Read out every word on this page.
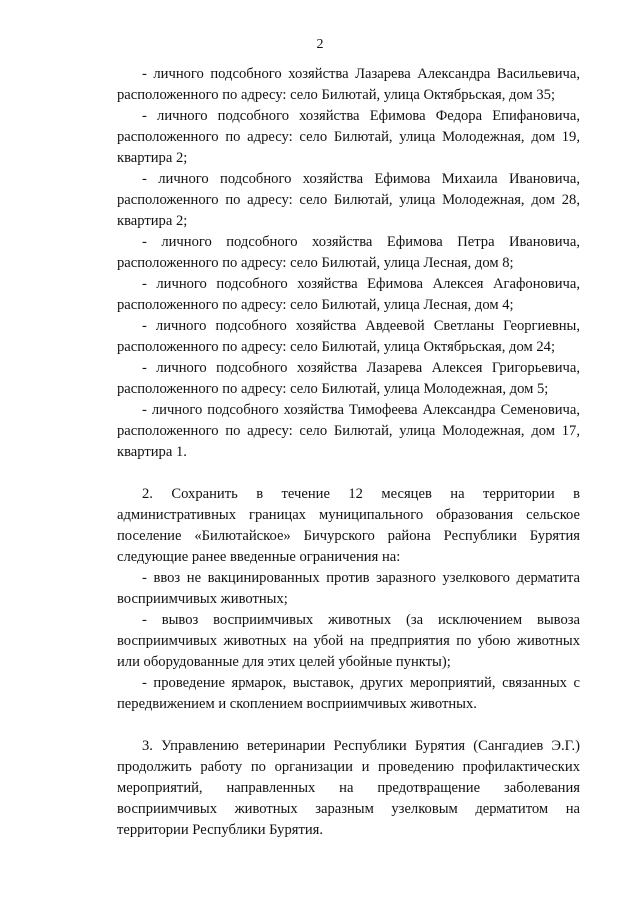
2

- личного подсобного хозяйства Лазарева Александра Васильевича, расположенного по адресу: село Билютай, улица Октябрьская, дом 35;

- личного подсобного хозяйства Ефимова Федора Епифановича, расположенного по адресу: село Билютай, улица Молодежная, дом 19, квартира 2;

- личного подсобного хозяйства Ефимова Михаила Ивановича, расположенного по адресу: село Билютай, улица Молодежная, дом 28, квартира 2;

- личного подсобного хозяйства Ефимова Петра Ивановича, расположенного по адресу: село Билютай, улица Лесная, дом 8;

- личного подсобного хозяйства Ефимова Алексея Агафоновича, расположенного по адресу: село Билютай, улица Лесная, дом 4;

- личного подсобного хозяйства Авдеевой Светланы Георгиевны, расположенного по адресу: село Билютай, улица Октябрьская, дом 24;

- личного подсобного хозяйства Лазарева Алексея Григорьевича, расположенного по адресу: село Билютай, улица Молодежная, дом 5;

- личного подсобного хозяйства Тимофеева Александра Семеновича, расположенного по адресу: село Билютай, улица Молодежная, дом 17, квартира 1.

2. Сохранить в течение 12 месяцев на территории в административных границах муниципального образования сельское поселение «Билютайское» Бичурского района Республики Бурятия следующие ранее введенные ограничения на:

- ввоз не вакцинированных против заразного узелкового дерматита восприимчивых животных;

- вывоз восприимчивых животных (за исключением вывоза восприимчивых животных на убой на предприятия по убою животных или оборудованные для этих целей убойные пункты);

- проведение ярмарок, выставок, других мероприятий, связанных с передвижением и скоплением восприимчивых животных.

3. Управлению ветеринарии Республики Бурятия (Сангадиев Э.Г.) продолжить работу по организации и проведению профилактических мероприятий, направленных на предотвращение заболевания восприимчивых животных заразным узелковым дерматитом на территории Республики Бурятия.
